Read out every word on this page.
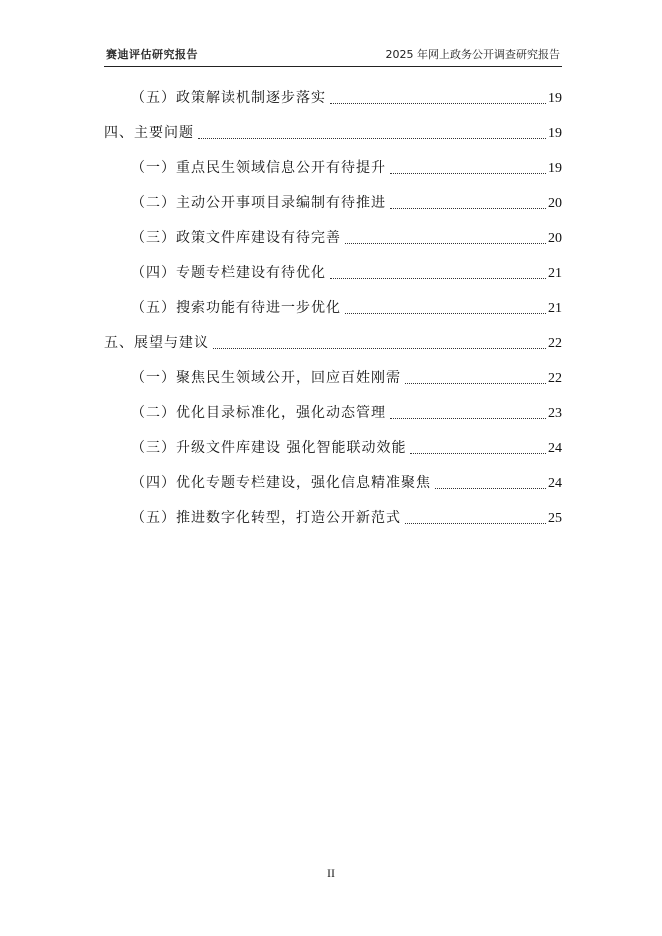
赛迪评估研究报告	2025 年网上政务公开调查研究报告
（五）政策解读机制逐步落实	19
四、主要问题	19
（一）重点民生领域信息公开有待提升	19
（二）主动公开事项目录编制有待推进	20
（三）政策文件库建设有待完善	20
（四）专题专栏建设有待优化	21
（五）搜索功能有待进一步优化	21
五、展望与建议	22
（一）聚焦民生领域公开，回应百姓刚需	22
（二）优化目录标准化，强化动态管理	23
（三）升级文件库建设 强化智能联动效能	24
（四）优化专题专栏建设，强化信息精准聚焦	24
（五）推进数字化转型，打造公开新范式	25
II
